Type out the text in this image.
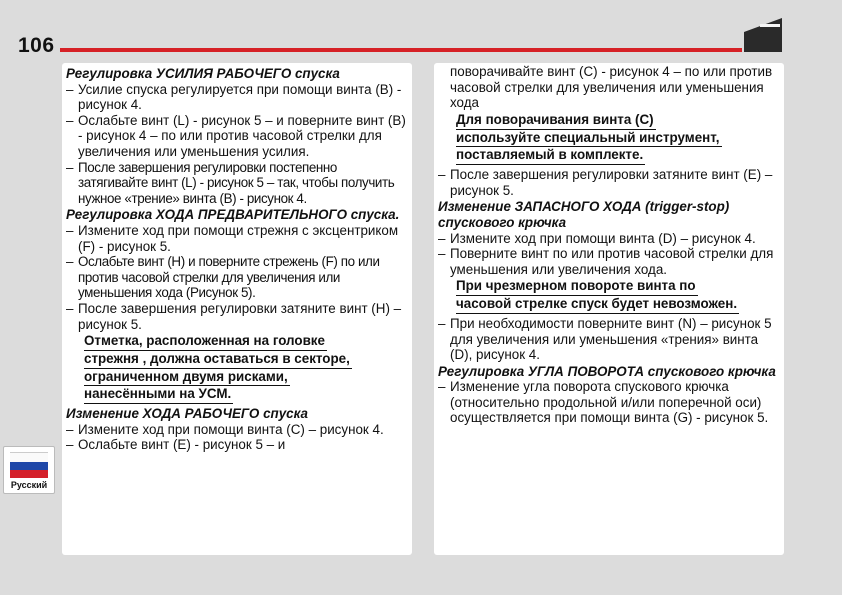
106
Русский

Регулировка УСИЛИЯ РАБОЧЕГО спуска

– Усилие спуска регулируется при помощи винта (В) - рисунок 4.
– Ослабьте винт (L) - рисунок 5 – и поверните винт (В) - рисунок 4 – по или против часовой стрелки для увеличения или уменьшения усилия.
– После завершения регулировки постепенно затягивайте винт (L) - рисунок 5 – так, чтобы получить нужное «трение» винта (В) - рисунок 4.

Регулировка ХОДА ПРЕДВАРИТЕЛЬНОГО спуска.

– Измените ход при помощи стрежня с эксцентриком (F) - рисунок 5.
– Ослабьте винт (Н) и поверните стрежень (F) по или против часовой стрелки для увеличения или уменьшения хода (Рисунок 5).
– После завершения регулировки затяните винт (Н) – рисунок 5.
Отметка, расположенная на головке
стрежня , должна оставаться в секторе,
ограниченном двумя рисками,
нанесёнными на УСМ.

Изменение ХОДА РАБОЧЕГО спуска

– Измените ход при помощи винта (С) – рисунок 4.
– Ослабьте винт (Е) - рисунок 5 – и
поворачивайте винт (С) - рисунок 4 – по или против часовой стрелки для увеличения или уменьшения хода
Для поворачивания винта (С)
используйте специальный инструмент,
поставляемый в комплекте.
– После завершения регулировки затяните винт (Е) – рисунок 5.

Изменение ЗАПАСНОГО ХОДА (trigger-stop) спускового крючка

– Измените ход при помощи винта (D) – рисунок 4.
– Поверните винт по или против часовой стрелки для уменьшения или увеличения хода.
При чрезмерном повороте винта по
часовой стрелке спуск будет невозможен.
– При необходимости поверните винт (N) – рисунок 5 для увеличения или уменьшения «трения» винта (D), рисунок 4.

Регулировка УГЛА ПОВОРОТА спускового крючка

– Изменение угла поворота спускового крючка (относительно продольной и/или поперечной оси) осуществляется при помощи винта (G) - рисунок 5.
